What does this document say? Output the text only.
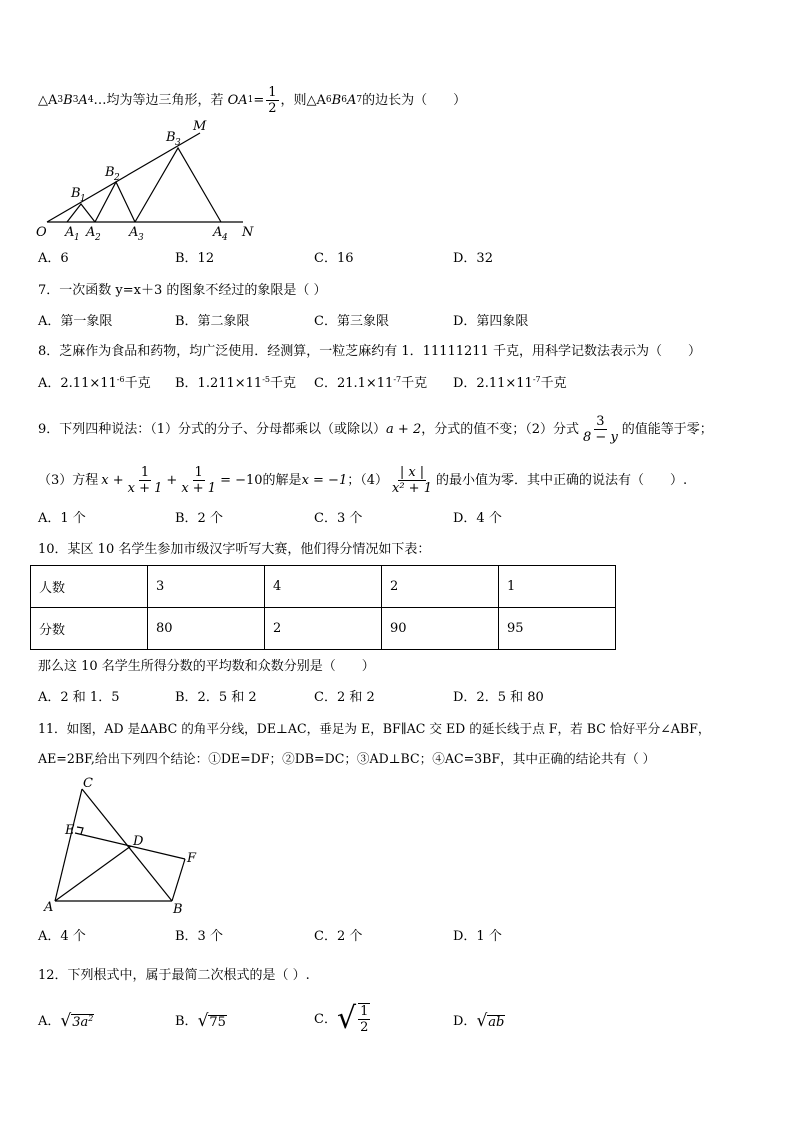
△A 3 B 3 A 4 …均为等边三角形，若 OA $1 = \frac{1}{2}$ ，则△A 6 B 6 A 7 的边长为（　　）
O
M
N
A 1 A 2 A 3	A 4
B 1
B 2
B 3
A．6	B．12	C．16	D．32
7．一次函数 y=x＋3 的图象不经过的象限是（ ）
A．第一象限	B．第二象限	C．第三象限	D．第四象限
8．芝麻作为食品和药物，均广泛使用．经测算，一粒芝麻约有 1．11111211 千克，用科学记数法表示为（　　）
A．$2.11\times 11^{-6}$千克 B．$1.211\times 11^{-5}$千克 C．$21.1\times 11^{-7}$千克 D．$2.11\times 11^{-7}$千克
9．下列四种说法：（1）分式的分子、分母都乘以（或除以） a + 2 ，分式的值不变；（2）分式 $\frac{3}{8 - y}$ 的值能等于零；
（3）方程 $x + \frac{1}{x + 1} + \frac{1}{x + 1} = -10$ 的解是 x = −1 ；$(4) \frac{| x |}{\text{x² + 1}}$ 的最小值为零．其中正确的说法有（　　）.
A．1 个	B．2 个	C．3 个	D．4 个
10．某区 10 名学生参加市级汉字听写大赛，他们得分情况如下表：
人数	3	4	2	1
分数	80	2	90	95
那么这 10 名学生所得分数的平均数和众数分别是（　　）
A．2 和 1．5	B．2．5 和 2	C．2 和 2	D．2．5 和 80
11．如图，AD 是∆ABC 的角平分线，DE⊥AC，垂足为 E，BF∥AC 交 ED 的延长线于点 F，若 BC 恰好平分∠ABF，
AE=2BF,给出下列四个结论：①DE=DF；②DB=DC；③AD⊥BC；④AC=3BF，其中正确的结论共有（ ）
A	B
C
D
E
F
A．4 个	B．3 个	C．2 个	D．1 个
12．下列根式中，属于最简二次根式的是（ ）.
A． √ $3a^2$	B． √ 75	C． √ $\frac{1}{2}$	D． √ ab
